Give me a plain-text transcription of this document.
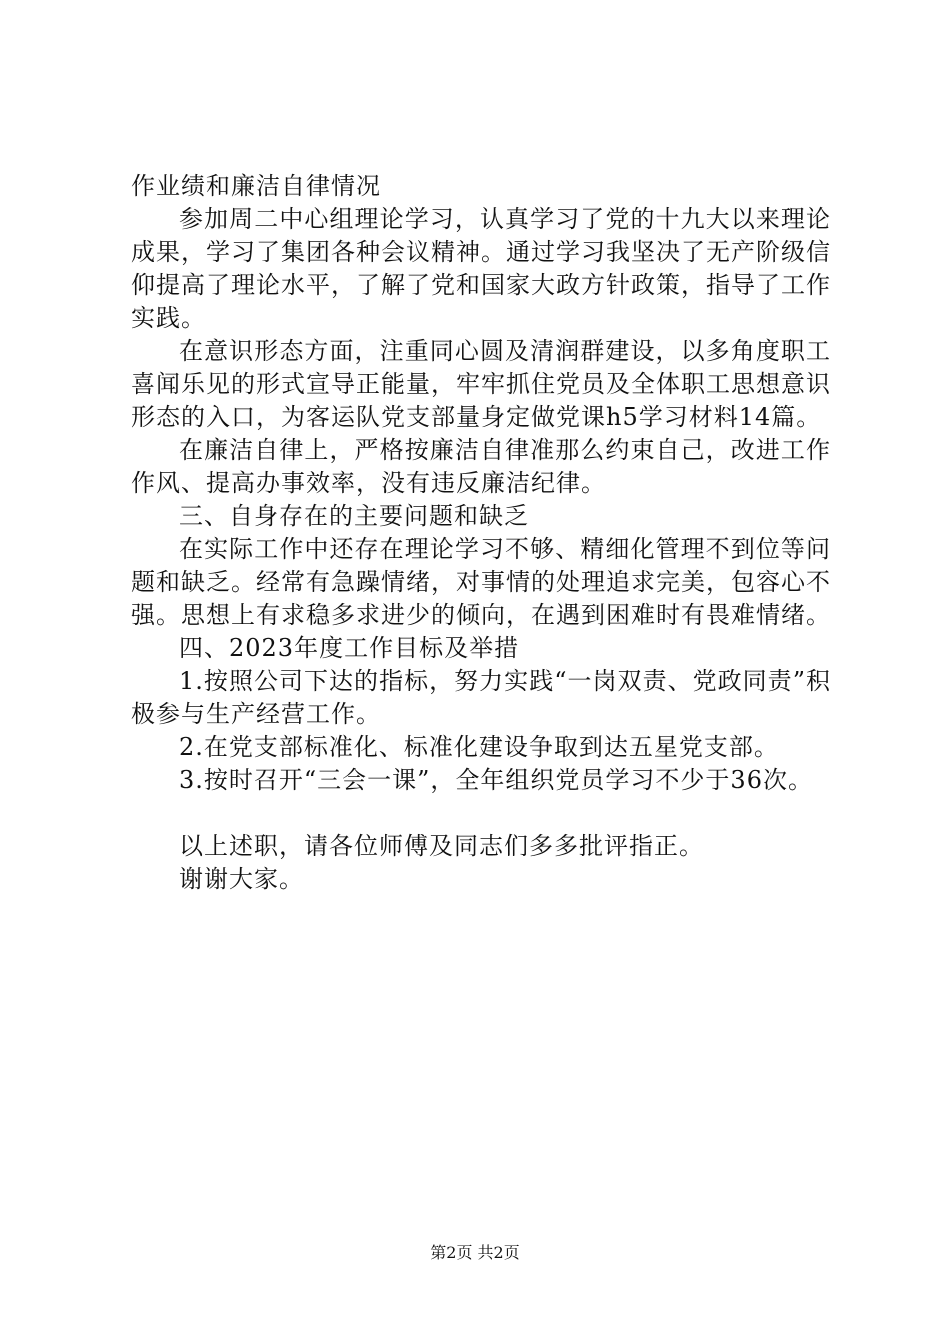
作业绩和廉洁自律情况

参加周二中心组理论学习，认真学习了党的十九大以来理论成果，学习了集团各种会议精神。通过学习我坚决了无产阶级信仰提高了理论水平，了解了党和国家大政方针政策，指导了工作实践。

在意识形态方面，注重同心圆及清润群建设，以多角度职工喜闻乐见的形式宣导正能量，牢牢抓住党员及全体职工思想意识形态的入口，为客运队党支部量身定做党课h5学习材料14篇。

在廉洁自律上，严格按廉洁自律准那么约束自己，改进工作作风、提高办事效率，没有违反廉洁纪律。

三、自身存在的主要问题和缺乏

在实际工作中还存在理论学习不够、精细化管理不到位等问题和缺乏。经常有急躁情绪，对事情的处理追求完美，包容心不强。思想上有求稳多求进少的倾向，在遇到困难时有畏难情绪。

四、2023年度工作目标及举措

1.按照公司下达的指标，努力实践“一岗双责、党政同责”积极参与生产经营工作。

2.在党支部标准化、标准化建设争取到达五星党支部。

3.按时召开“三会一课”，全年组织党员学习不少于36次。

以上述职，请各位师傅及同志们多多批评指正。

谢谢大家。

第2页 共2页
